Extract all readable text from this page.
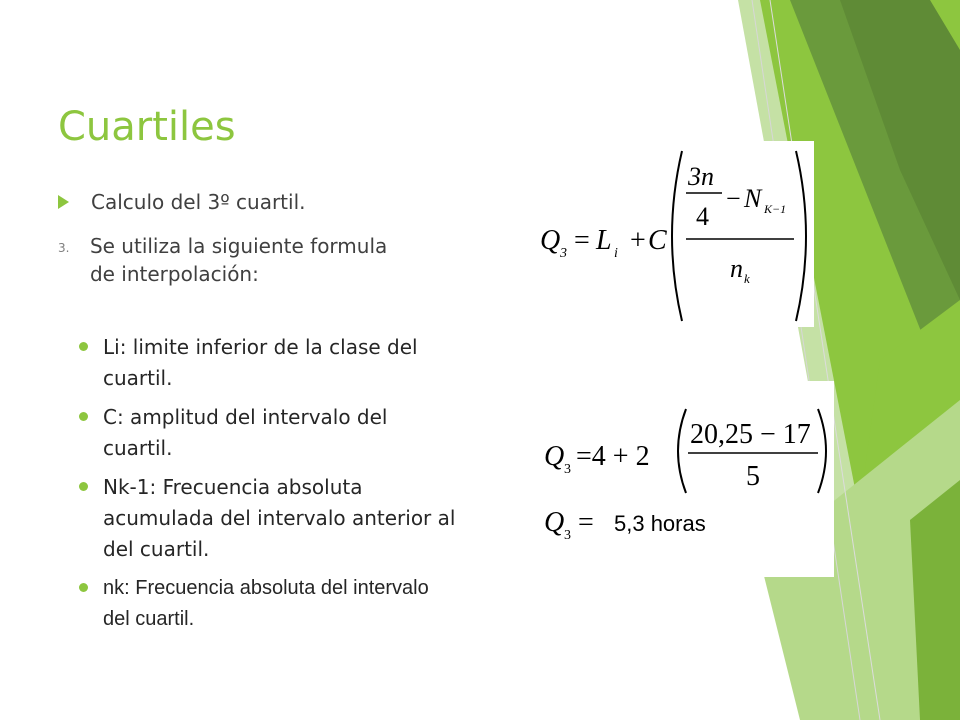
Cuartiles
Calculo del 3º cuartil.
3.	Se utiliza la siguiente formula de interpolación:
Li: limite inferior de la clase del cuartil.
C: amplitud del intervalo del cuartil.
Nk-1: Frecuencia absoluta acumulada del intervalo anterior al del cuartil.
nk: Frecuencia absoluta del intervalo del cuartil.
Q 3 = L i + C
3n
4
− N K−1
n k
Q 3 =4 + 2
20,25 − 17
5
Q 3 = 5,3 horas
